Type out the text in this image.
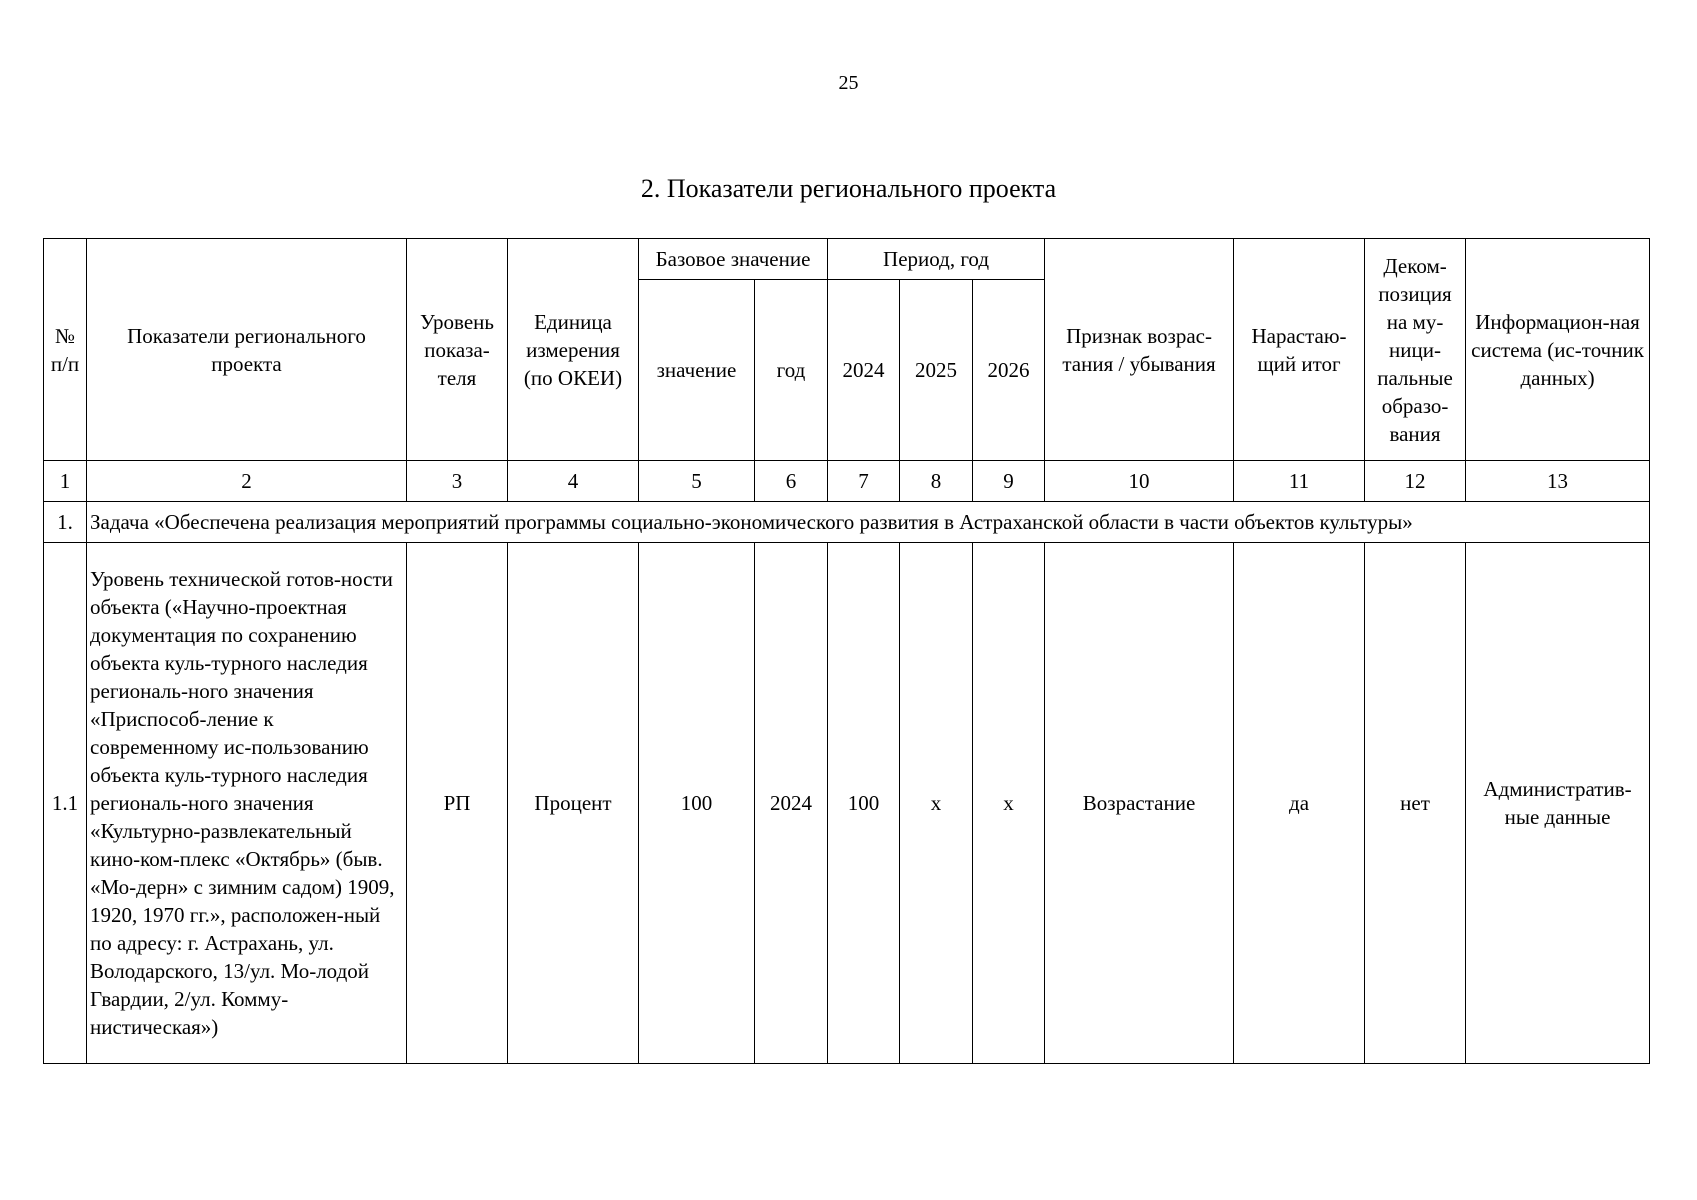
25
2. Показатели регионального проекта
№ п/п	Показатели регионального проекта	Уровень показа-теля	Единица измерения (по ОКЕИ)	Базовое значение		Период, год			Признак возрас-тания / убывания	Нарастаю-щий итог	Деком-позиция на му-ници-пальные образо-вания	Информацион-ная система (ис-точник данных)
				значение	год	2024	2025	2026				
1	2	3	4	5	6	7	8	9	10	11	12	13
1.	Задача «Обеспечена реализация мероприятий программы социально-экономического развития в Астраханской области в части объектов культуры»											
1.1	Уровень технической готов-ности объекта («Научно-проектная документация по сохранению объекта куль-турного наследия региональ-ного значения «Приспособ-ление к современному ис-пользованию объекта куль-турного наследия региональ-ного значения «Культурно-развлекательный кино-ком-плекс «Октябрь» (быв. «Мо-дерн» с зимним садом) 1909, 1920, 1970 гг.», расположен-ный по адресу: г. Астрахань, ул. Володарского, 13/ул. Мо-лодой Гвардии, 2/ул. Комму-нистическая»)	РП	Процент	100	2024	100	x	x	Возрастание	да	нет	Административ-ные данные
